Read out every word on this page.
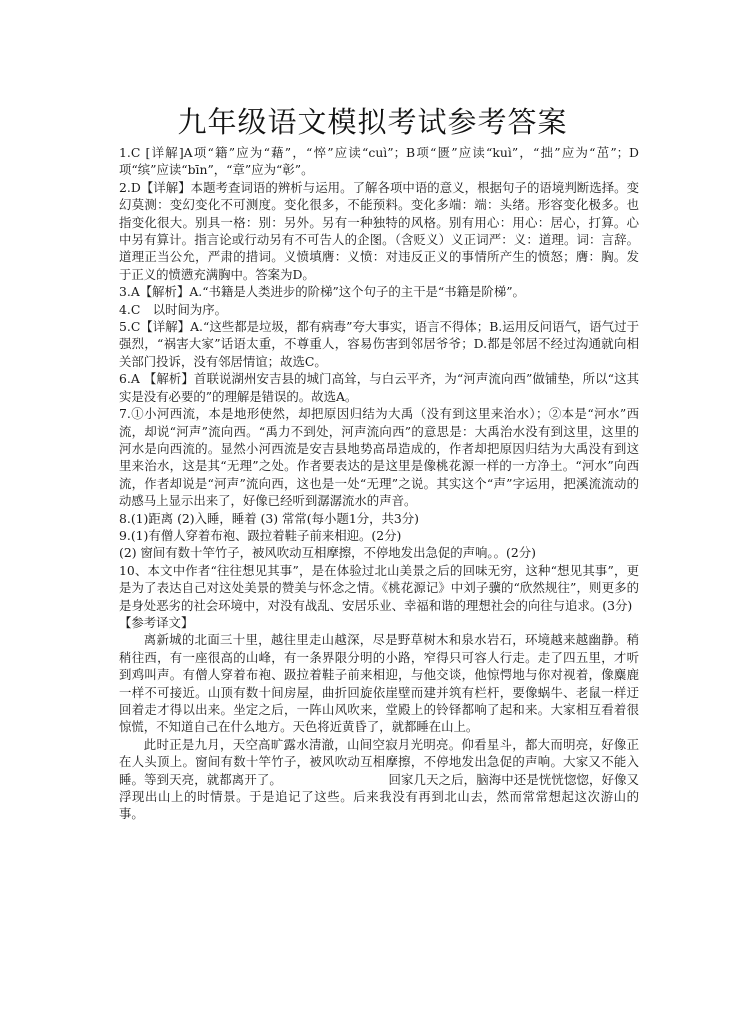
九年级语文模拟考试参考答案

1.C [详解]A项“籍”应为“藉”，“悴”应读“cuì”；B项“匮”应读“kuì”，“拙”应为“茁”；D项“缤”应读“bīn”，“章”应为“彰”。

2.D【详解】本题考查词语的辨析与运用。了解各项中语的意义，根据句子的语境判断选择。变幻莫测：变幻变化不可测度。变化很多，不能预料。变化多端：端：头绪。形容变化极多。也指变化很大。别具一格：别：另外。另有一种独特的风格。别有用心：用心：居心，打算。心中另有算计。指言论或行动另有不可告人的企图。（含贬义）义正词严：义：道理。词：言辞。道理正当公允，严肃的措词。义愤填膺：义愤：对违反正义的事情所产生的愤怒；膺：胸。发于正义的愤懑充满胸中。答案为D。

3.A【解析】A.“书籍是人类进步的阶梯”这个句子的主干是“书籍是阶梯”。

4.C　以时间为序。

5.C【详解】A.“这些都是垃圾，都有病毒”夸大事实，语言不得体；B.运用反问语气，语气过于强烈，“祸害大家”话语太重，不尊重人，容易伤害到邻居爷爷；D.都是邻居不经过沟通就向相关部门投诉，没有邻居情谊；故选C。

6.A 【解析】首联说湖州安吉县的城门高耸，与白云平齐，为“河声流向西”做铺垫，所以“这其实是没有必要的”的理解是错误的。故选A。

7.①小河西流，本是地形使然，却把原因归结为大禹（没有到这里来治水）；②本是“河水”西流，却说“河声”流向西。“禹力不到处，河声流向西”的意思是：大禹治水没有到这里，这里的河水是向西流的。显然小河西流是安吉县地势高昂造成的，作者却把原因归结为大禹没有到这里来治水，这是其“无理”之处。作者要表达的是这里是像桃花源一样的一方净土。“河水”向西流，作者却说是“河声”流向西，这也是一处“无理”之说。其实这个“声”字运用，把溪流流动的动感马上显示出来了，好像已经听到潺潺流水的声音。

8.(1)距离 (2)入睡，睡着 (3) 常常(每小题1分，共3分)

9.(1)有僧人穿着布袍、趿拉着鞋子前来相迎。(2分)

(2) 窗间有数十竿竹子，被风吹动互相摩擦，不停地发出急促的声响。。(2分)

10、本文中作者“往往想见其事”，是在体验过北山美景之后的回味无穷，这种“想见其事”，更是为了表达自己对这处美景的赞美与怀念之情。《桃花源记》中刘子骥的“欣然规往”，则更多的是身处恶劣的社会环境中，对没有战乱、安居乐业、幸福和谐的理想社会的向往与追求。(3分)

【参考译文】

离新城的北面三十里，越往里走山越深，尽是野草树木和泉水岩石，环境越来越幽静。稍稍往西，有一座很高的山峰，有一条界限分明的小路，窄得只可容人行走。走了四五里，才听到鸡叫声。有僧人穿着布袍、趿拉着鞋子前来相迎，与他交谈，他惊愕地与你对视着，像麋鹿一样不可接近。山顶有数十间房屋，曲折回旋依崖壁而建并筑有栏杆，要像蜗牛、老鼠一样迂回着走才得以出来。坐定之后，一阵山风吹来，堂殿上的铃铎都响了起和来。大家相互看着很惊慌，不知道自己在什么地方。天色将近黄昏了，就都睡在山上。

此时正是九月，天空高旷露水清澈，山间空寂月光明亮。仰看星斗，都大而明亮，好像正在人头顶上。窗间有数十竿竹子，被风吹动互相摩擦，不停地发出急促的声响。大家又不能入睡。等到天亮，就都离开了。　　　　　　　　　回家几天之后，脑海中还是恍恍惚惚，好像又浮现出山上的时情景。于是追记了这些。后来我没有再到北山去，然而常常想起这次游山的事。
